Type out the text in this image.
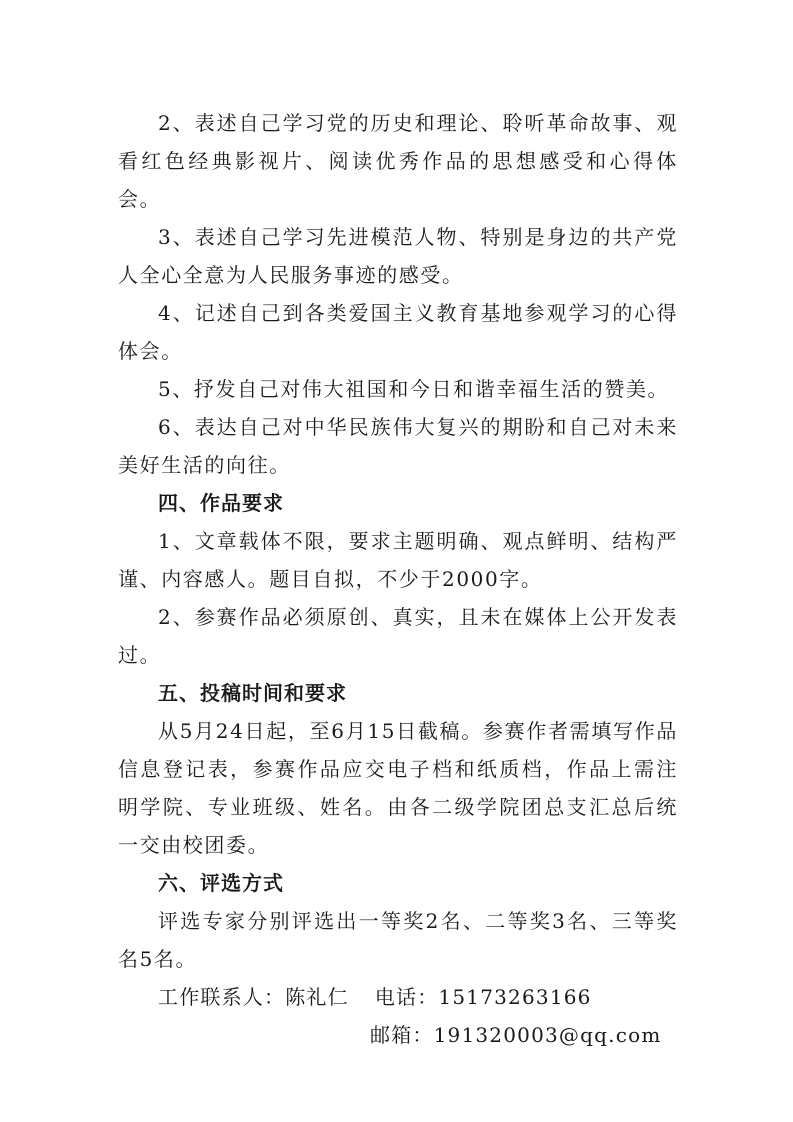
2、表述自己学习党的历史和理论、聆听革命故事、观看红色经典影视片、阅读优秀作品的思想感受和心得体会。

3、表述自己学习先进模范人物、特别是身边的共产党人全心全意为人民服务事迹的感受。

4、记述自己到各类爱国主义教育基地参观学习的心得体会。

5、抒发自己对伟大祖国和今日和谐幸福生活的赞美。

6、表达自己对中华民族伟大复兴的期盼和自己对未来美好生活的向往。

四、作品要求

1、文章载体不限，要求主题明确、观点鲜明、结构严谨、内容感人。题目自拟，不少于2000字。

2、参赛作品必须原创、真实，且未在媒体上公开发表过。

五、投稿时间和要求

从5月24日起，至6月15日截稿。参赛作者需填写作品信息登记表，参赛作品应交电子档和纸质档，作品上需注明学院、专业班级、姓名。由各二级学院团总支汇总后统一交由校团委。

六、评选方式

评选专家分别评选出一等奖2名、二等奖3名、三等奖名5名。

工作联系人：陈礼仁 电话：15173263166

邮箱：191320003@qq.com
